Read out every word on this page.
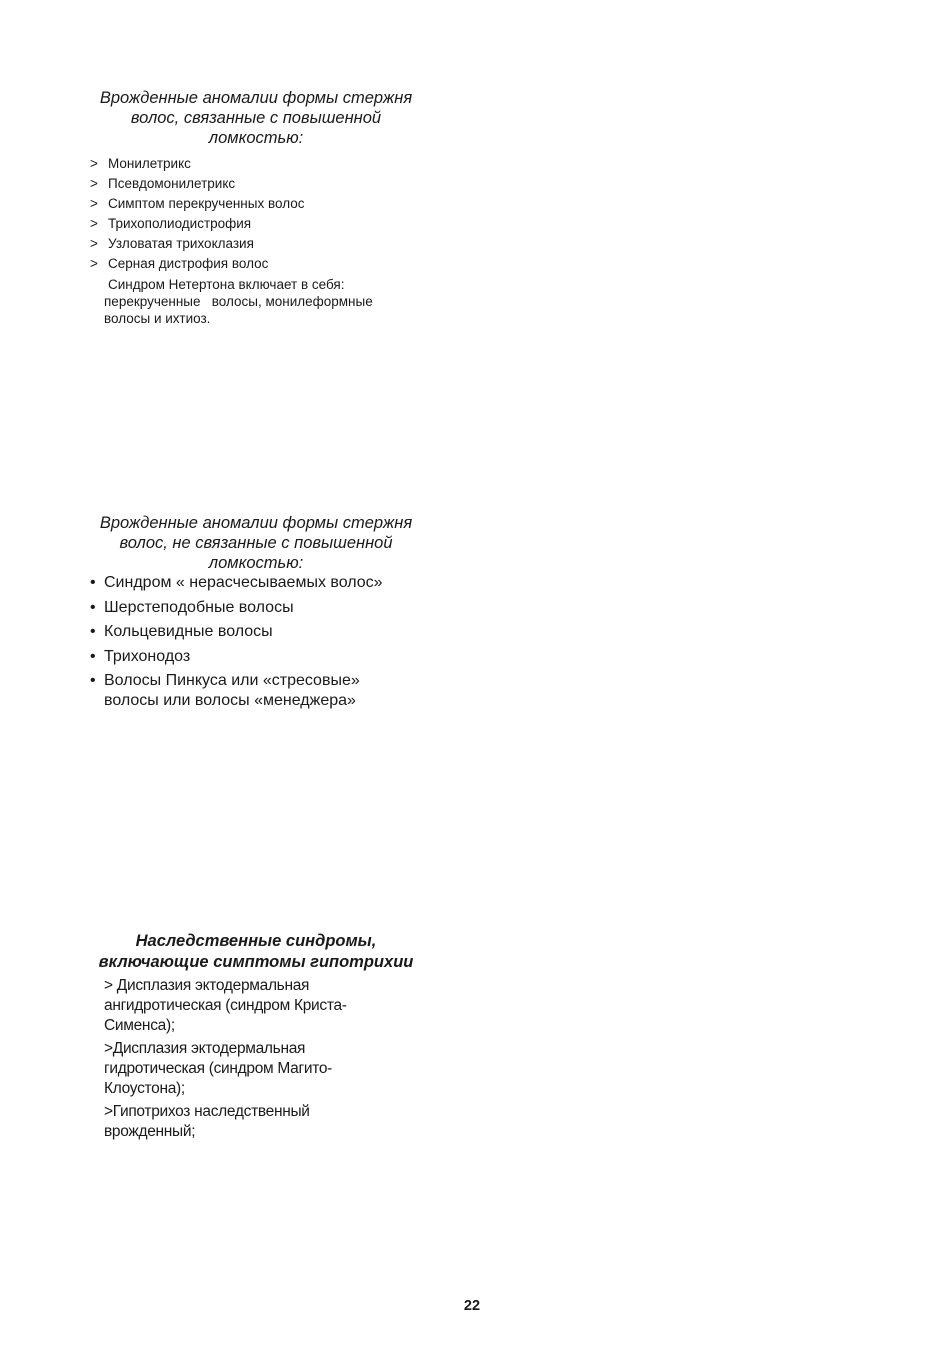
Врожденные аномалии формы стержня
волос, связанные с повышенной
ломкостью:
> Монилетрикс
> Псевдомонилетрикс
> Симптом перекрученных волос
> Трихополиодистрофия
> Узловатая трихоклазия
> Серная дистрофия волос

Синдром Нетертона включает в себя:
перекрученные   волосы, монилеформные
волосы и ихтиоз.

Врожденные аномалии формы стержня
волос, не связанные с повышенной
ломкостью:
• Синдром « нерасчесываемых волос»
• Шерстеподобные волосы
• Кольцевидные волосы
• Трихонодоз
• Волосы Пинкуса или «стресовые»
волосы или волосы «менеджера»
Наследственные синдромы,
включающие симптомы гипотрихии
> Дисплазия эктодермальная
ангидротическая (синдром Криста-
Сименса);
>Дисплазия эктодермальная
гидротическая (синдром Магито-
Клоустона);
>Гипотрихоз наследственный
врожденный;
22
